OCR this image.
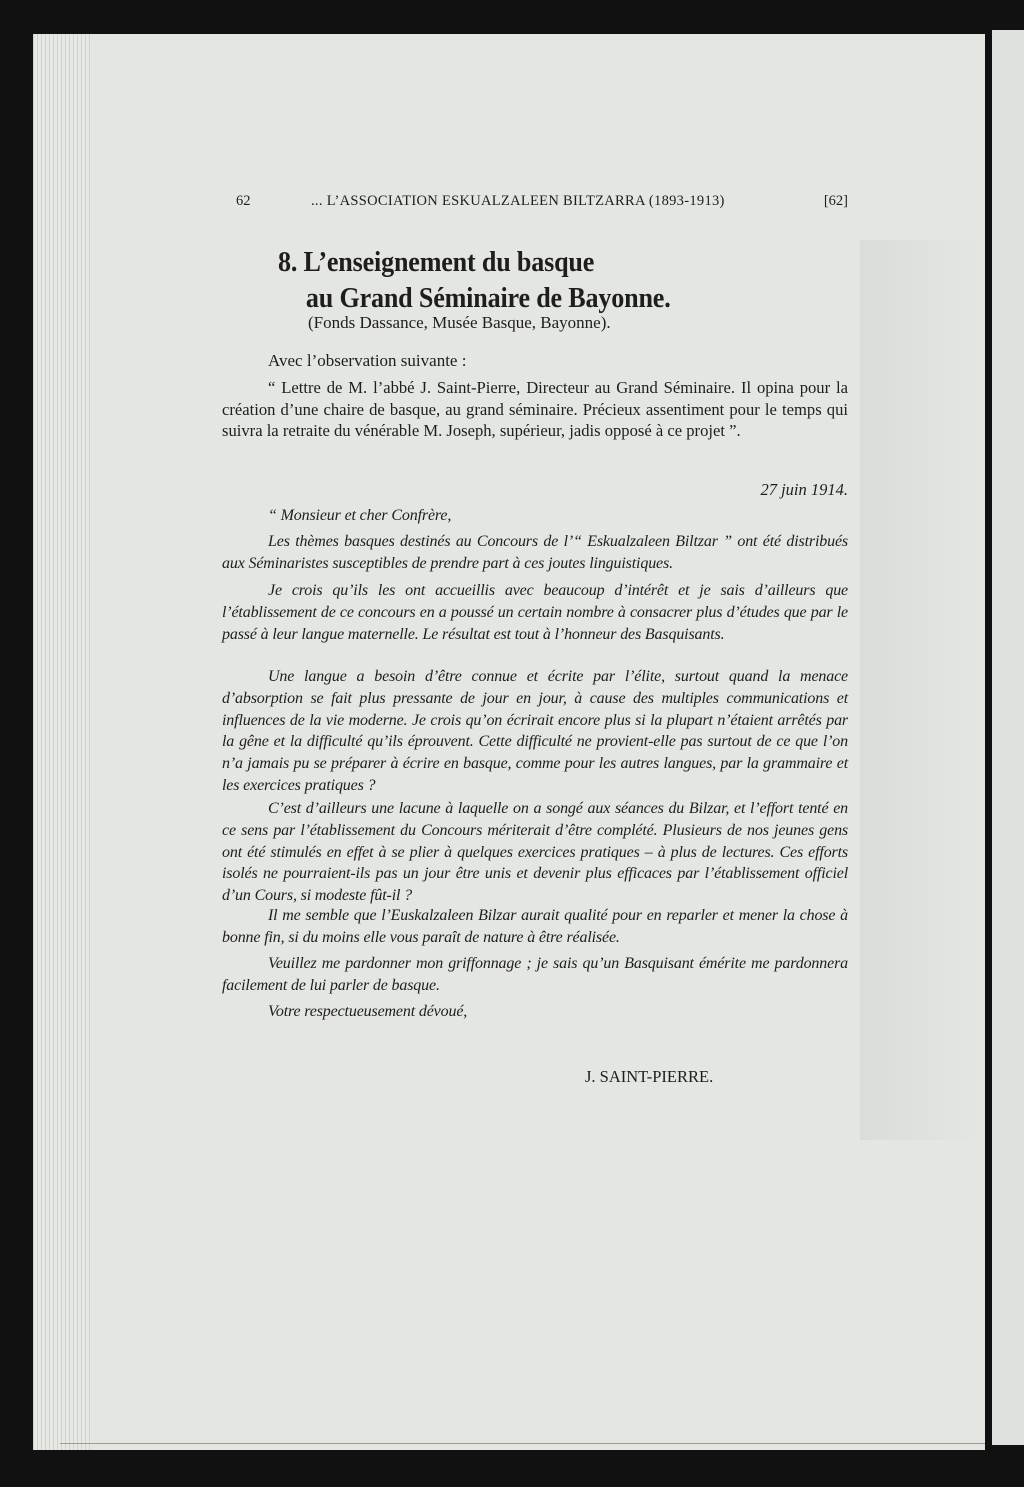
62	... L’ASSOCIATION ESKUALZALEEN BILTZARRA (1893-1913)	[62]
8. L’enseignement du basque
au Grand Séminaire de Bayonne.
(Fonds Dassance, Musée Basque, Bayonne).
Avec l’observation suivante :
“ Lettre de M. l’abbé J. Saint-Pierre, Directeur au Grand Séminaire. Il opina pour la création d’une chaire de basque, au grand séminaire. Précieux assentiment pour le temps qui suivra la retraite du vénérable M. Joseph, supérieur, jadis opposé à ce projet ”.
27 juin 1914.
“ Monsieur et cher Confrère,
Les thèmes basques destinés au Concours de l’“ Eskualzaleen Biltzar ” ont été distribués aux Séminaristes susceptibles de prendre part à ces joutes linguistiques.
Je crois qu’ils les ont accueillis avec beaucoup d’intérêt et je sais d’ailleurs que l’établissement de ce concours en a poussé un certain nombre à consacrer plus d’études que par le passé à leur langue maternelle. Le résultat est tout à l’honneur des Basquisants.
Une langue a besoin d’être connue et écrite par l’élite, surtout quand la menace d’absorption se fait plus pressante de jour en jour, à cause des multiples communications et influences de la vie moderne. Je crois qu’on écrirait encore plus si la plupart n’étaient arrêtés par la gêne et la difficulté qu’ils éprouvent. Cette difficulté ne provient-elle pas surtout de ce que l’on n’a jamais pu se préparer à écrire en basque, comme pour les autres langues, par la grammaire et les exercices pratiques ?
C’est d’ailleurs une lacune à laquelle on a songé aux séances du Bilzar, et l’effort tenté en ce sens par l’établissement du Concours mériterait d’être complété. Plusieurs de nos jeunes gens ont été stimulés en effet à se plier à quelques exercices pratiques – à plus de lectures. Ces efforts isolés ne pourraient-ils pas un jour être unis et devenir plus efficaces par l’établissement officiel d’un Cours, si modeste fût-il ?
Il me semble que l’Euskalzaleen Bilzar aurait qualité pour en reparler et mener la chose à bonne fin, si du moins elle vous paraît de nature à être réalisée.
Veuillez me pardonner mon griffonnage ; je sais qu’un Basquisant émérite me pardonnera facilement de lui parler de basque.
Votre respectueusement dévoué,
J. SAINT-PIERRE.
